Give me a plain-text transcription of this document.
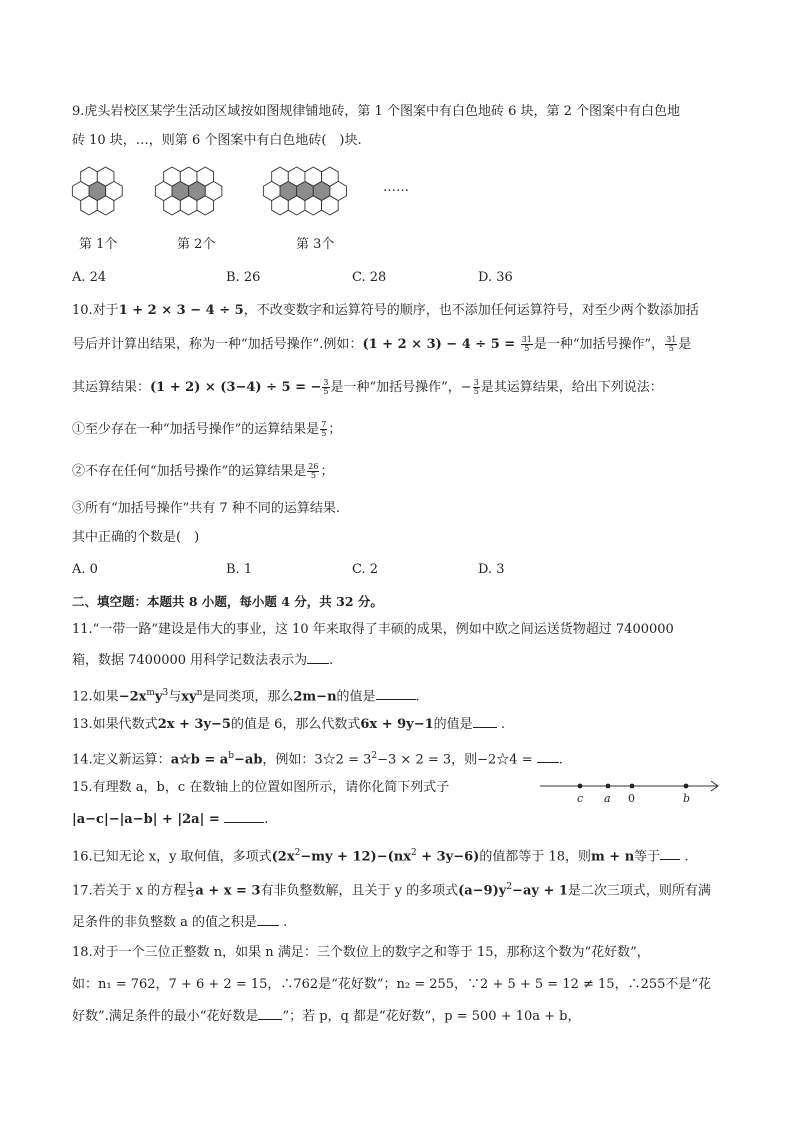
9.虎头岩校区某学生活动区域按如图规律铺地砖，第 1 个图案中有白色地砖 6 块，第 2 个图案中有白色地
砖 10 块，…，则第 6 个图案中有白色地砖(　)块.
……
第 1个	第 2个	第 3个
A. 24	B. 26	C. 28	D. 36
10.对于1 + 2 × 3 − 4 ÷ 5，不改变数字和运算符号的顺序，也不添加任何运算符号，对至少两个数添加括
号后并计算出结果，称为一种“加括号操作”.例如：$(1 + 2 \times 3) - 4 \div 5 = \frac{31}{5}$ 是一种“加括号操作”， $\frac{31}{5}$ 是
其运算结果：(1 + 2) × (3−4) ÷ 5 = − $\frac{3}{5}$ 是一种“加括号操作”，− $\frac{3}{5}$ 是其运算结果，给出下列说法：
①至少存在一种“加括号操作”的运算结果是 $\frac{7}{5}$ ；
②不存在任何“加括号操作”的运算结果是 $\frac{26}{5}$ ；
③所有“加括号操作”共有 7 种不同的运算结果.
其中正确的个数是(　)
A. 0	B. 1	C. 2	D. 3
二、填空题：本题共 8 小题，每小题 4 分，共 32 分。
11.“一带一路”建设是伟大的事业，这 10 年来取得了丰硕的成果，例如中欧之间运送货物超过 7400000
箱，数据 7400000 用科学记数法表示为 .
12.如果$-2x^my^3$与$xy^n$是同类项，那么2m−n的值是	.
13.如果代数式2x + 3y−5的值是 6，那么代数式6x + 9y−1的值是 .
14.定义新运算：a☆b = $a^b-ab$，例如：3☆2 = $3^2-3 \times 2 = 3$，则−2☆4 = .
15.有理数 a，b，c 在数轴上的位置如图所示，请你化简下列式子
c a 0	b
|a−c|−|a−b| + |2a| =	.
16.已知无论 x，y 取何值，多项式$(2x^2-my + 12)-(nx^2 + 3y-6)$的值都等于 18，则m + n等于 .
17.若关于 x 的方程 $\frac{1}{3}$ a + x = 3有非负整数解，且关于 y 的多项式$(a-9)y^2-ay + 1$是二次三项式，则所有满
足条件的非负整数 a 的值之积是 .
18.对于一个三位正整数 n，如果 n 满足：三个数位上的数字之和等于 15，那称这个数为“花好数”，
如：n₁ = 762，7 + 6 + 2 = 15，∴762是“花好数”；n₂ = 255，∵2 + 5 + 5 = 12 ≠ 15，∴255不是“花
好数”.满足条件的最小“花好数是 ”；若 p，q 都是“花好数”，p = 500 + 10a + b，
